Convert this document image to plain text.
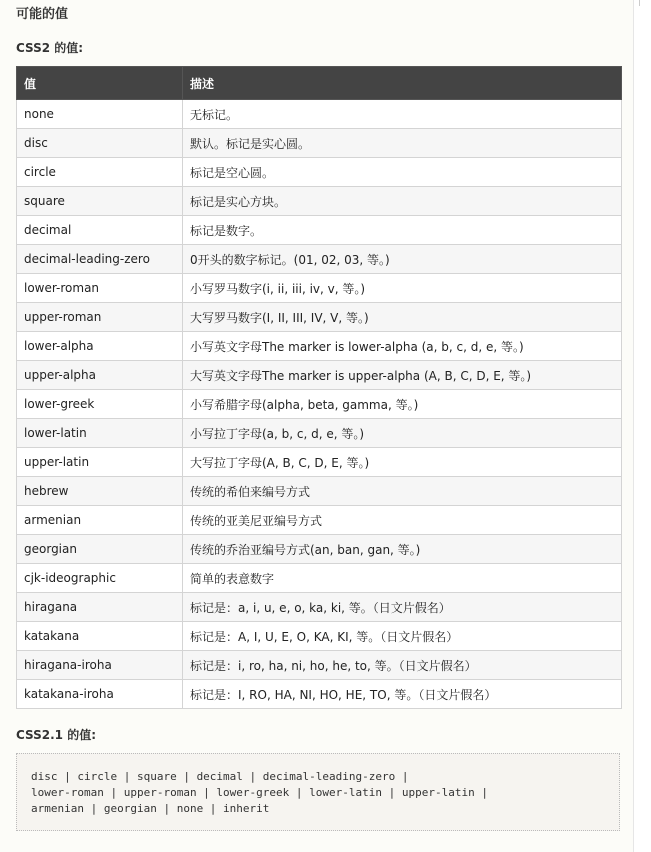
可能的值
CSS2 的值:
值	描述
none	无标记。
disc	默认。标记是实心圆。
circle	标记是空心圆。
square	标记是实心方块。
decimal	标记是数字。
decimal-leading-zero	0开头的数字标记。(01, 02, 03, 等。)
lower-roman	小写罗马数字(i, ii, iii, iv, v, 等。)
upper-roman	大写罗马数字(I, II, III, IV, V, 等。)
lower-alpha	小写英文字母The marker is lower-alpha (a, b, c, d, e, 等。)
upper-alpha	大写英文字母The marker is upper-alpha (A, B, C, D, E, 等。)
lower-greek	小写希腊字母(alpha, beta, gamma, 等。)
lower-latin	小写拉丁字母(a, b, c, d, e, 等。)
upper-latin	大写拉丁字母(A, B, C, D, E, 等。)
hebrew	传统的希伯来编号方式
armenian	传统的亚美尼亚编号方式
georgian	传统的乔治亚编号方式(an, ban, gan, 等。)
cjk-ideographic	简单的表意数字
hiragana	标记是：a, i, u, e, o, ka, ki, 等。（日文片假名）
katakana	标记是：A, I, U, E, O, KA, KI, 等。（日文片假名）
hiragana-iroha	标记是：i, ro, ha, ni, ho, he, to, 等。（日文片假名）
katakana-iroha	标记是：I, RO, HA, NI, HO, HE, TO, 等。（日文片假名）
CSS2.1 的值:
disc | circle | square | decimal | decimal-leading-zero |
lower-roman | upper-roman | lower-greek | lower-latin | upper-latin |
armenian | georgian | none | inherit
